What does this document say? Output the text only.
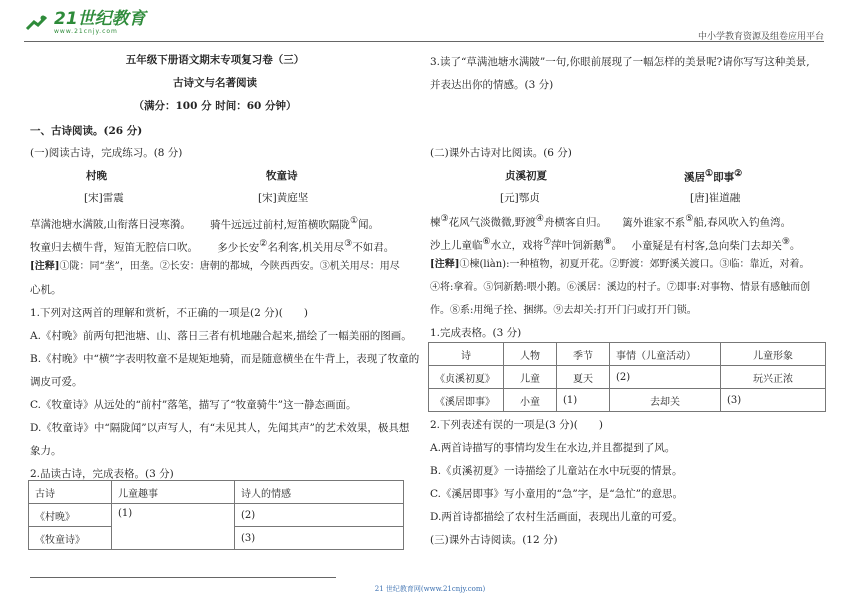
21世纪教育
www.21cnjy.com
中小学教育资源及组卷应用平台
五年级下册语文期末专项复习卷（三）
古诗文与名著阅读
（满分：100 分 时间：60 分钟）
一、古诗阅读。(26 分)
(一)阅读古诗，完成练习。(8 分)
村晚
[宋]雷震
牧童诗
[宋]黄庭坚
草满池塘水满陂,山衔落日浸寒漪。　 骑牛远远过前村,短笛横吹隔陇①闻。
牧童归去横牛背，短笛无腔信口吹。　 多少长安②名利客,机关用尽③不如君。
[注释]①陇：同“垄”，田垄。②长安：唐朝的都城，今陕西西安。③机关用尽：用尽
心机。
1.下列对这两首的理解和赏析，不正确的一项是(2 分)(　　)
A.《村晚》前两句把池塘、山、落日三者有机地融合起来,描绘了一幅美丽的图画。
B.《村晚》中“横”字表明牧童不是规矩地骑，而是随意横坐在牛背上，表现了牧童的
调皮可爱。
C.《牧童诗》从远处的“前村”落笔，描写了“牧童骑牛”这一静态画面。
D.《牧童诗》中“隔陇闻”以声写人，有“未见其人，先闻其声”的艺术效果，极具想
象力。
2.品读古诗，完成表格。(3 分)
古诗	儿童趣事	诗人的情感
《村晚》	(1)	(2)
《牧童诗》		(3)
3.读了“草满池塘水满陂”一句,你眼前展现了一幅怎样的美景呢?请你写写这种美景,
并表达出你的情感。(3 分)
(二)课外古诗对比阅读。(6 分)
贞溪初夏
[元]鄂贞
溪居①即事②
[唐]崔道融
楝③花风气淡微微,野渡④舟横客自归。　 篱外谁家不系⑤船,春风吹入钓鱼湾。
沙上儿童临⑥水立，戏将⑦萍叶饲新鹅⑧。　 小童疑是有村客,急向柴门去却关⑨。
[注释]①楝(liàn):一种植物，初夏开花。②野渡：郊野溪关渡口。③临：靠近，对着。
④将:拿着。⑤饲新鹅:喂小鹅。⑥溪居：溪边的村子。⑦即事:对事物、情景有感触而创
作。⑧系:用绳子拴、捆绑。⑨去却关:打开门闩或打开门锁。
1.完成表格。(3 分)
诗	人物	季节	事情（儿童活动）	儿童形象
《贞溪初夏》	儿童	夏天	(2)	玩兴正浓
《溪居即事》	小童	(1)	去却关	(3)
2.下列表述有误的一项是(3 分)(　　)
A.两首诗描写的事情均发生在水边,并且都提到了风。
B.《贞溪初夏》一诗描绘了儿童站在水中玩耍的情景。
C.《溪居即事》写小童用的“急”字，是“急忙”的意思。
D.两首诗都描绘了农村生活画面，表现出儿童的可爱。
(三)课外古诗阅读。(12 分)
21 世纪教育网(www.21cnjy.com)
